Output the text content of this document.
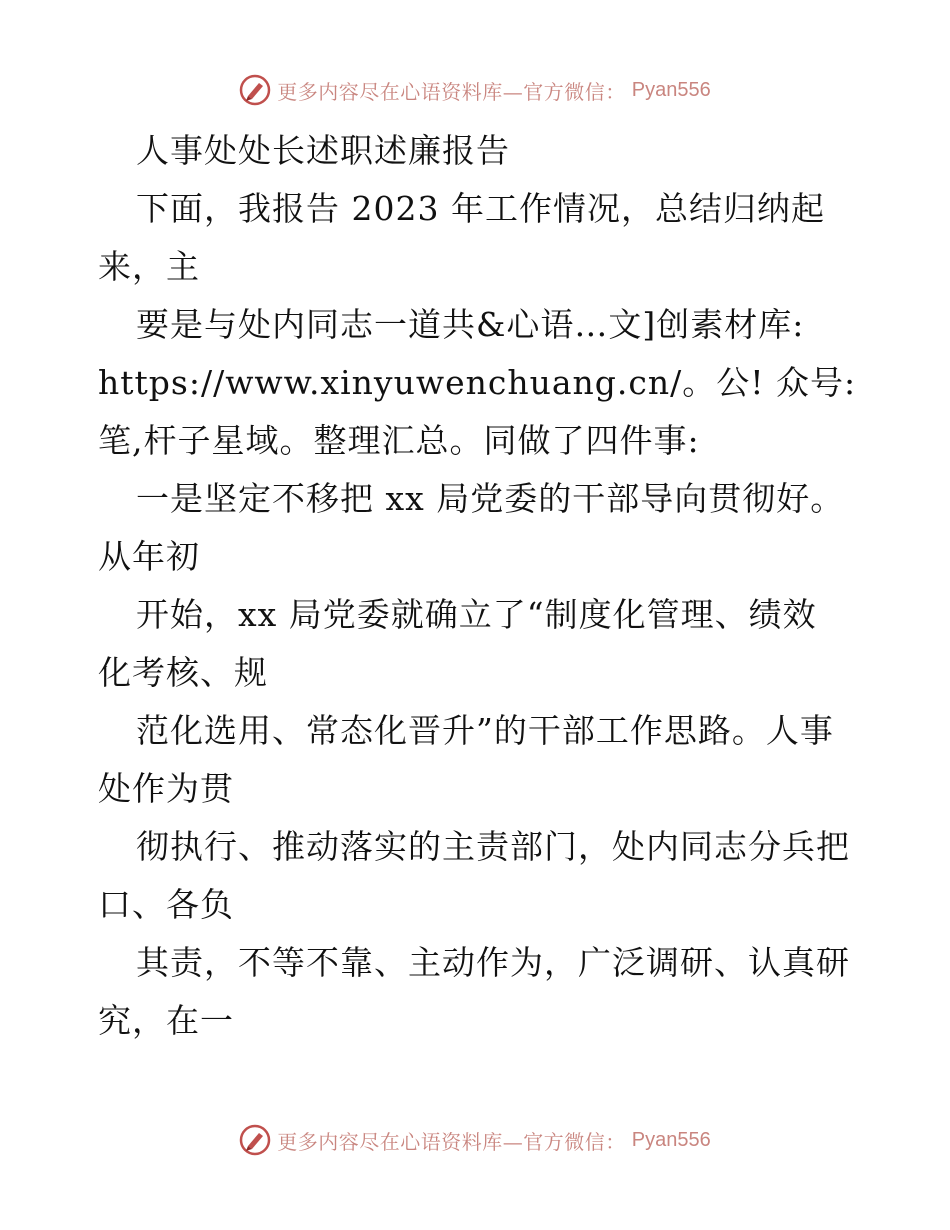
更多内容尽在心语资料库—官方微信： Pyan556
人事处处长述职述廉报告
下面，我报告 2023 年工作情况，总结归纳起
来，主
要是与处内同志一道共&心语…文]创素材库:
https://www.xinyuwenchuang.cn/。公! 众号:
笔,杆子星域。整理汇总。同做了四件事:
一是坚定不移把 xx 局党委的干部导向贯彻好。
从年初
开始，xx 局党委就确立了“制度化管理、绩效
化考核、规
范化选用、常态化晋升”的干部工作思路。人事
处作为贯
彻执行、推动落实的主责部门，处内同志分兵把
口、各负
其责，不等不靠、主动作为，广泛调研、认真研
究，在一
更多内容尽在心语资料库—官方微信： Pyan556
